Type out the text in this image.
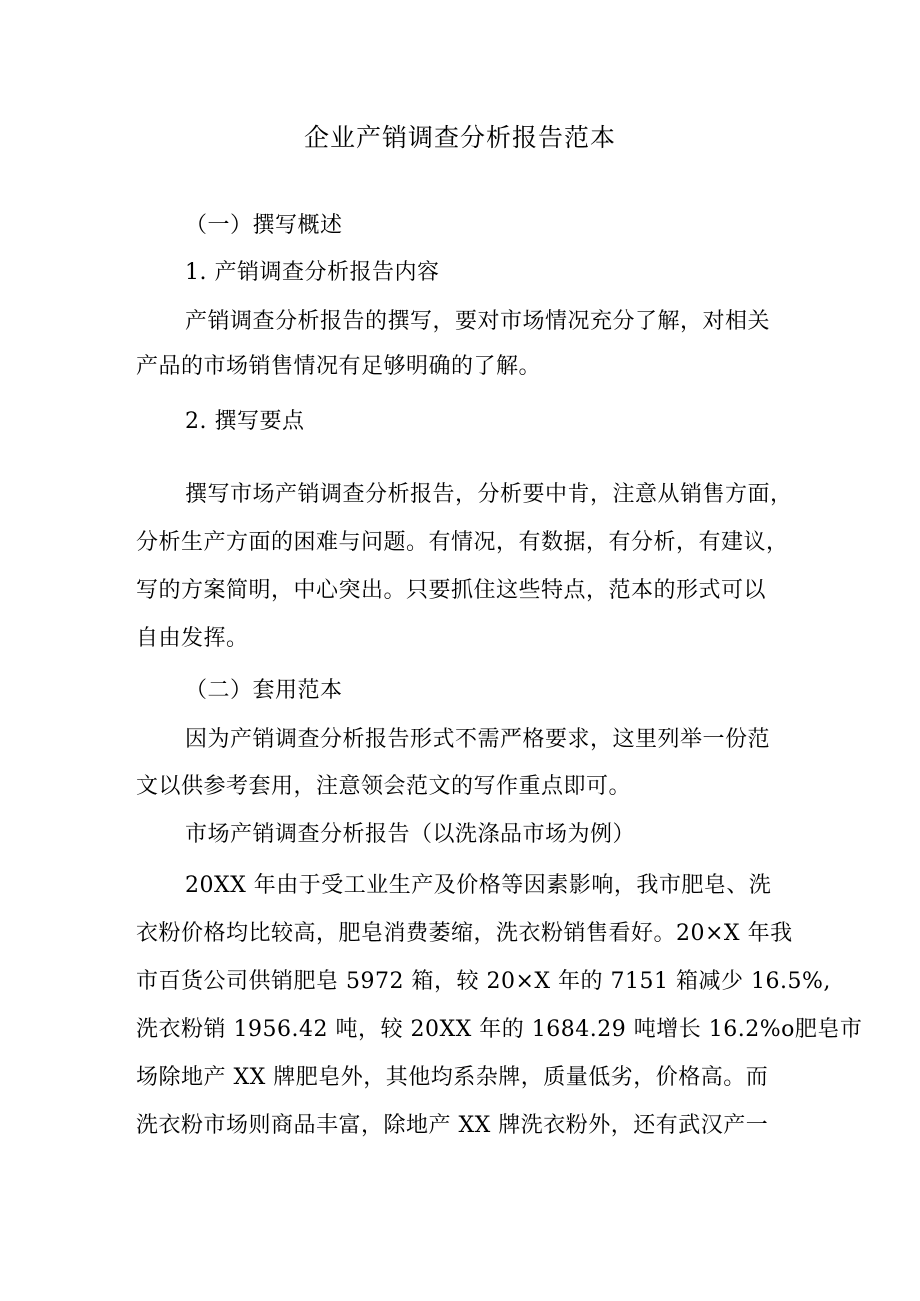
企业产销调查分析报告范本
（一）撰写概述
1. 产销调查分析报告内容
产销调查分析报告的撰写，要对市场情况充分了解，对相关
产品的市场销售情况有足够明确的了解。
2. 撰写要点
撰写市场产销调查分析报告，分析要中肯，注意从销售方面，
分析生产方面的困难与问题。有情况，有数据，有分析，有建议，
写的方案简明，中心突出。只要抓住这些特点，范本的形式可以
自由发挥。
（二）套用范本
因为产销调查分析报告形式不需严格要求，这里列举一份范
文以供参考套用，注意领会范文的写作重点即可。
市场产销调查分析报告（以洗涤品市场为例）
20XX 年由于受工业生产及价格等因素影响，我市肥皂、洗
衣粉价格均比较高，肥皂消费萎缩，洗衣粉销售看好。20×X 年我
市百货公司供销肥皂 5972 箱，较 20×X 年的 7151 箱减少 16.5%,
洗衣粉销 1956.42 吨，较 20XX 年的 1684.29 吨增长 16.2%o肥皂市
场除地产 XX 牌肥皂外，其他均系杂牌，质量低劣，价格高。而
洗衣粉市场则商品丰富，除地产 XX 牌洗衣粉外，还有武汉产一
